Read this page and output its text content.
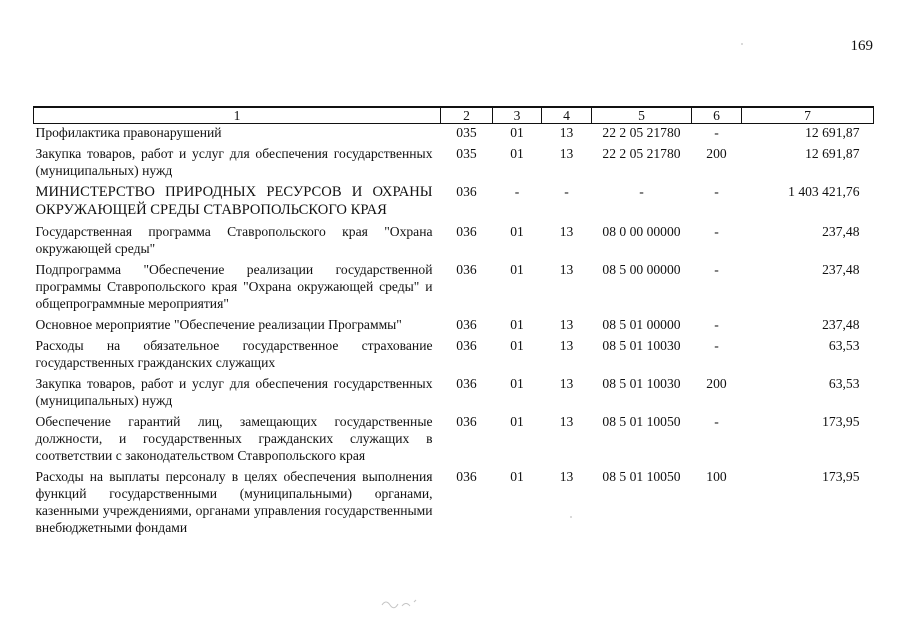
169
1	2	3	4	5	6	7
Профилактика правонарушений	035	01	13	22 2 05 21780	-	12 691,87
Закупка товаров, работ и услуг для обеспечения государственных (муниципальных) нужд	035	01	13	22 2 05 21780	200	12 691,87
МИНИСТЕРСТВО ПРИРОДНЫХ РЕСУРСОВ И ОХРАНЫ ОКРУЖАЮЩЕЙ СРЕДЫ СТАВРОПОЛЬСКОГО КРАЯ	036	-	-	-	-	1 403 421,76
Государственная программа Ставропольского края "Охрана окружающей среды"	036	01	13	08 0 00 00000	-	237,48
Подпрограмма "Обеспечение реализации государственной программы Ставропольского края "Охрана окружающей среды" и общепрограммные мероприятия"	036	01	13	08 5 00 00000	-	237,48
Основное мероприятие "Обеспечение реализации Программы"	036	01	13	08 5 01 00000	-	237,48
Расходы на обязательное государственное страхование государственных гражданских служащих	036	01	13	08 5 01 10030	-	63,53
Закупка товаров, работ и услуг для обеспечения государственных (муниципальных) нужд	036	01	13	08 5 01 10030	200	63,53
Обеспечение гарантий лиц, замещающих государственные должности, и государственных гражданских служащих в соответствии с законодательством Ставропольского края	036	01	13	08 5 01 10050	-	173,95
Расходы на выплаты персоналу в целях обеспечения выполнения функций государственными (муниципальными) органами, казенными учреждениями, органами управления государственными внебюджетными фондами	036	01	13	08 5 01 10050	100	173,95
